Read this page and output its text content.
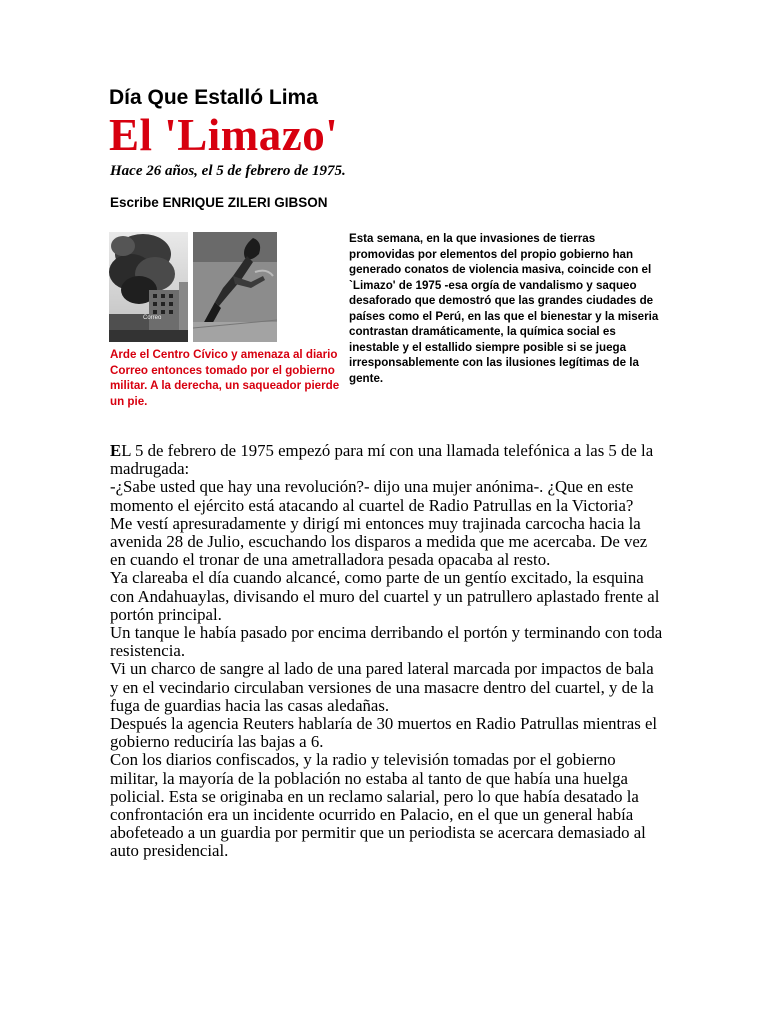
Día Que Estalló Lima
El 'Limazo'
Hace 26 años, el 5 de febrero de 1975.
Escribe ENRIQUE ZILERI GIBSON
Correo
Arde el Centro Cívico y amenaza al diario Correo entonces tomado por el gobierno militar. A la derecha, un saqueador pierde un pie.
Esta semana, en la que invasiones de tierras promovidas por elementos del propio gobierno han generado conatos de violencia masiva, coincide con el `Limazo' de 1975 -esa orgía de vandalismo y saqueo desaforado que demostró que las grandes ciudades de países como el Perú, en las que el bienestar y la miseria contrastan dramáticamente, la química social es inestable y el estallido siempre posible si se juega irresponsablemente con las ilusiones legítimas de la gente.

EL 5 de febrero de 1975 empezó para mí con una llamada telefónica a las 5 de la madrugada:

-¿Sabe usted que hay una revolución?- dijo una mujer anónima-. ¿Que en este momento el ejército está atacando al cuartel de Radio Patrullas en la Victoria?

Me vestí apresuradamente y dirigí mi entonces muy trajinada carcocha hacia la avenida 28 de Julio, escuchando los disparos a medida que me acercaba. De vez en cuando el tronar de una ametralladora pesada opacaba al resto.

Ya clareaba el día cuando alcancé, como parte de un gentío excitado, la esquina con Andahuaylas, divisando el muro del cuartel y un patrullero aplastado frente al portón principal.

Un tanque le había pasado por encima derribando el portón y terminando con toda resistencia.

Vi un charco de sangre al lado de una pared lateral marcada por impactos de bala y en el vecindario circulaban versiones de una masacre dentro del cuartel, y de la fuga de guardias hacia las casas aledañas.

Después la agencia Reuters hablaría de 30 muertos en Radio Patrullas mientras el gobierno reduciría las bajas a 6.

Con los diarios confiscados, y la radio y televisión tomadas por el gobierno militar, la mayoría de la población no estaba al tanto de que había una huelga policial. Esta se originaba en un reclamo salarial, pero lo que había desatado la confrontación era un incidente ocurrido en Palacio, en el que un general había abofeteado a un guardia por permitir que un periodista se acercara demasiado al auto presidencial.
